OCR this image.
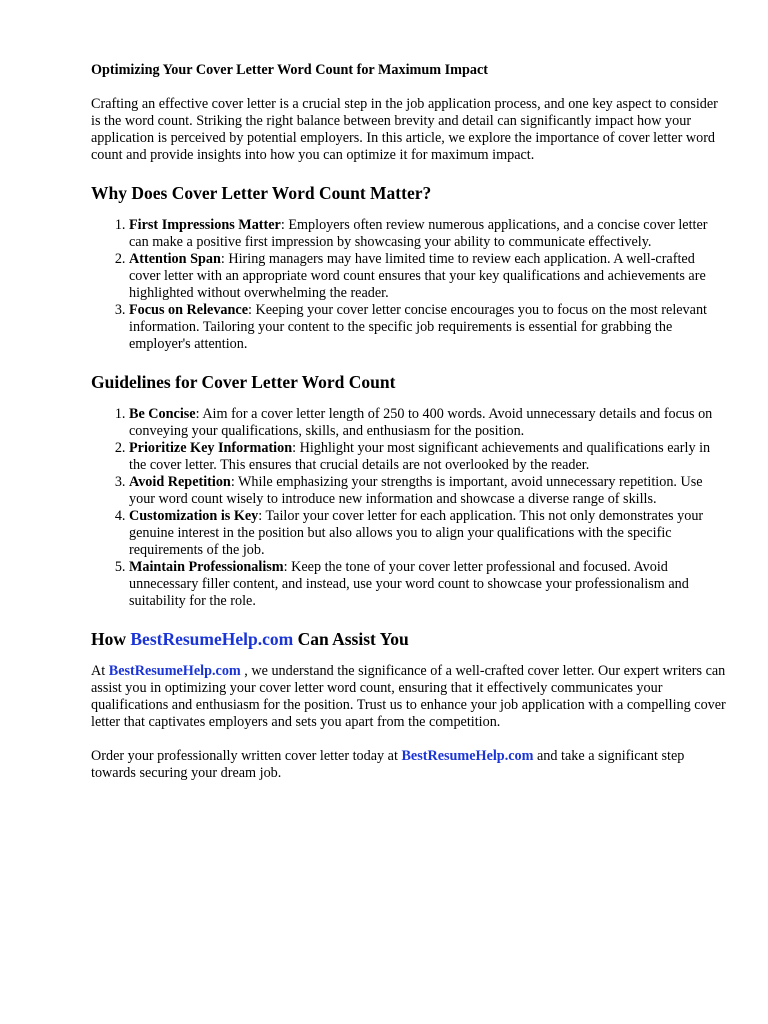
Optimizing Your Cover Letter Word Count for Maximum Impact

Crafting an effective cover letter is a crucial step in the job application process, and one key aspect to consider is the word count. Striking the right balance between brevity and detail can significantly impact how your application is perceived by potential employers. In this article, we explore the importance of cover letter word count and provide insights into how you can optimize it for maximum impact.

Why Does Cover Letter Word Count Matter?
1. First Impressions Matter: Employers often review numerous applications, and a concise cover letter can make a positive first impression by showcasing your ability to communicate effectively.
2. Attention Span: Hiring managers may have limited time to review each application. A well-crafted cover letter with an appropriate word count ensures that your key qualifications and achievements are highlighted without overwhelming the reader.
3. Focus on Relevance: Keeping your cover letter concise encourages you to focus on the most relevant information. Tailoring your content to the specific job requirements is essential for grabbing the employer's attention.
Guidelines for Cover Letter Word Count
1. Be Concise: Aim for a cover letter length of 250 to 400 words. Avoid unnecessary details and focus on conveying your qualifications, skills, and enthusiasm for the position.
2. Prioritize Key Information: Highlight your most significant achievements and qualifications early in the cover letter. This ensures that crucial details are not overlooked by the reader.
3. Avoid Repetition: While emphasizing your strengths is important, avoid unnecessary repetition. Use your word count wisely to introduce new information and showcase a diverse range of skills.
4. Customization is Key: Tailor your cover letter for each application. This not only demonstrates your genuine interest in the position but also allows you to align your qualifications with the specific requirements of the job.
5. Maintain Professionalism: Keep the tone of your cover letter professional and focused. Avoid unnecessary filler content, and instead, use your word count to showcase your professionalism and suitability for the role.
How BestResumeHelp.com Can Assist You

At BestResumeHelp.com , we understand the significance of a well-crafted cover letter. Our expert writers can assist you in optimizing your cover letter word count, ensuring that it effectively communicates your qualifications and enthusiasm for the position. Trust us to enhance your job application with a compelling cover letter that captivates employers and sets you apart from the competition.

Order your professionally written cover letter today at BestResumeHelp.com and take a significant step towards securing your dream job.
